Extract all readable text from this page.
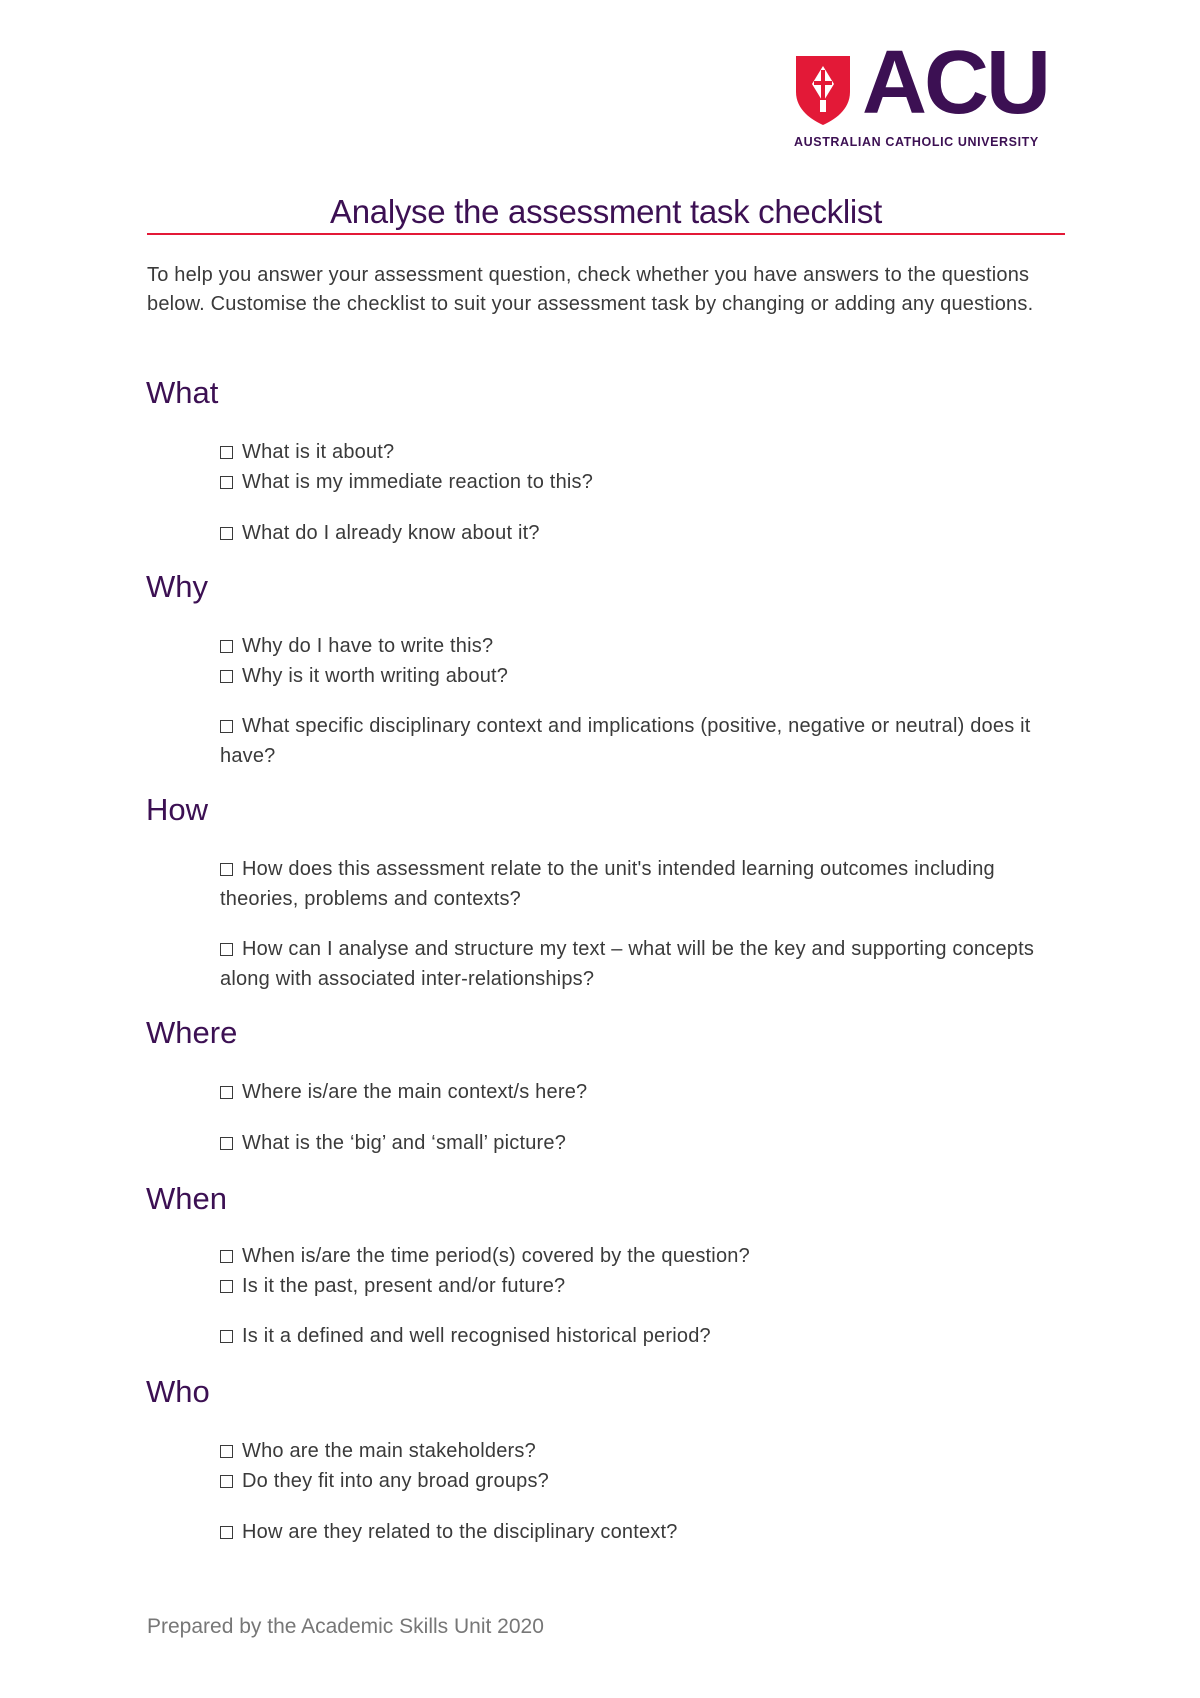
ACU
AUSTRALIAN CATHOLIC UNIVERSITY
Analyse the assessment task checklist
To help you answer your assessment question, check whether you have answers to the questions below. Customise the checklist to suit your assessment task by changing or adding any questions.
What
What is it about?
What is my immediate reaction to this?
What do I already know about it?
Why
Why do I have to write this?
Why is it worth writing about?
What specific disciplinary context and implications (positive, negative or neutral) does it have?
How
How does this assessment relate to the unit's intended learning outcomes including theories, problems and contexts?
How can I analyse and structure my text – what will be the key and supporting concepts along with associated inter-relationships?
Where
Where is/are the main context/s here?
What is the ‘big’ and ‘small’ picture?
When
When is/are the time period(s) covered by the question?
Is it the past, present and/or future?
Is it a defined and well recognised historical period?
Who
Who are the main stakeholders?
Do they fit into any broad groups?
How are they related to the disciplinary context?
Prepared by the Academic Skills Unit 2020
